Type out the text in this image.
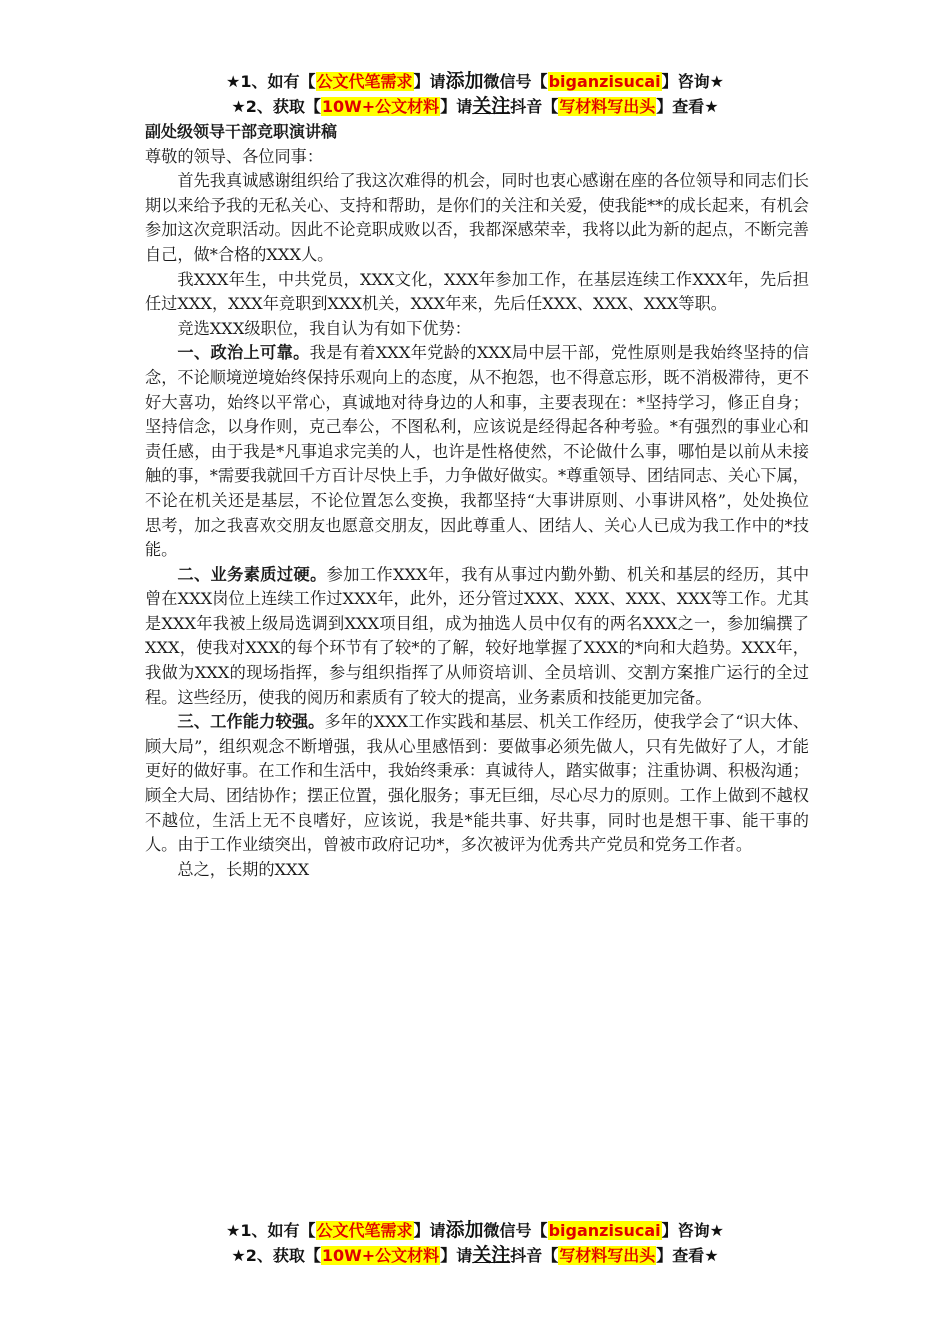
★1、如有【公文代笔需求】请添加微信号【biganzisucai】咨询★
★2、获取【10W+公文材料】请关注抖音【写材料写出头】查看★
副处级领导干部竞职演讲稿

尊敬的领导、各位同事：

首先我真诚感谢组织给了我这次难得的机会，同时也衷心感谢在座的各位领导和同志们长期以来给予我的无私关心、支持和帮助，是你们的关注和关爱，使我能**的成长起来，有机会参加这次竞职活动。因此不论竞职成败以否，我都深感荣幸，我将以此为新的起点，不断完善自己，做*合格的XXX人。

我XXX年生，中共党员，XXX文化，XXX年参加工作，在基层连续工作XXX年，先后担任过XXX，XXX年竞职到XXX机关，XXX年来，先后任XXX、XXX、XXX等职。

竞选XXX级职位，我自认为有如下优势：

一、政治上可靠。我是有着XXX年党龄的XXX局中层干部，党性原则是我始终坚持的信念，不论顺境逆境始终保持乐观向上的态度，从不抱怨，也不得意忘形，既不消极滞待，更不好大喜功，始终以平常心，真诚地对待身边的人和事，主要表现在：*坚持学习，修正自身；坚持信念，以身作则，克己奉公，不图私利，应该说是经得起各种考验。*有强烈的事业心和责任感，由于我是*凡事追求完美的人，也许是性格使然，不论做什么事，哪怕是以前从未接触的事，*需要我就回千方百计尽快上手，力争做好做实。*尊重领导、团结同志、关心下属，不论在机关还是基层，不论位置怎么变换，我都坚持“大事讲原则、小事讲风格”，处处换位思考，加之我喜欢交朋友也愿意交朋友，因此尊重人、团结人、关心人已成为我工作中的*技能。

二、业务素质过硬。参加工作XXX年，我有从事过内勤外勤、机关和基层的经历，其中曾在XXX岗位上连续工作过XXX年，此外，还分管过XXX、XXX、XXX、XXX等工作。尤其是XXX年我被上级局选调到XXX项目组，成为抽选人员中仅有的两名XXX之一，参加编撰了XXX，使我对XXX的每个环节有了较*的了解，较好地掌握了XXX的*向和大趋势。XXX年，我做为XXX的现场指挥，参与组织指挥了从师资培训、全员培训、交割方案推广运行的全过程。这些经历，使我的阅历和素质有了较大的提高，业务素质和技能更加完备。

三、工作能力较强。多年的XXX工作实践和基层、机关工作经历，使我学会了“识大体、顾大局”，组织观念不断增强，我从心里感悟到：要做事必须先做人，只有先做好了人，才能更好的做好事。在工作和生活中，我始终秉承：真诚待人，踏实做事；注重协调、积极沟通；顾全大局、团结协作；摆正位置，强化服务；事无巨细，尽心尽力的原则。工作上做到不越权不越位，生活上无不良嗜好，应该说，我是*能共事、好共事，同时也是想干事、能干事的人。由于工作业绩突出，曾被市政府记功*，多次被评为优秀共产党员和党务工作者。

总之，长期的XXX

★1、如有【公文代笔需求】请添加微信号【biganzisucai】咨询★
★2、获取【10W+公文材料】请关注抖音【写材料写出头】查看★
